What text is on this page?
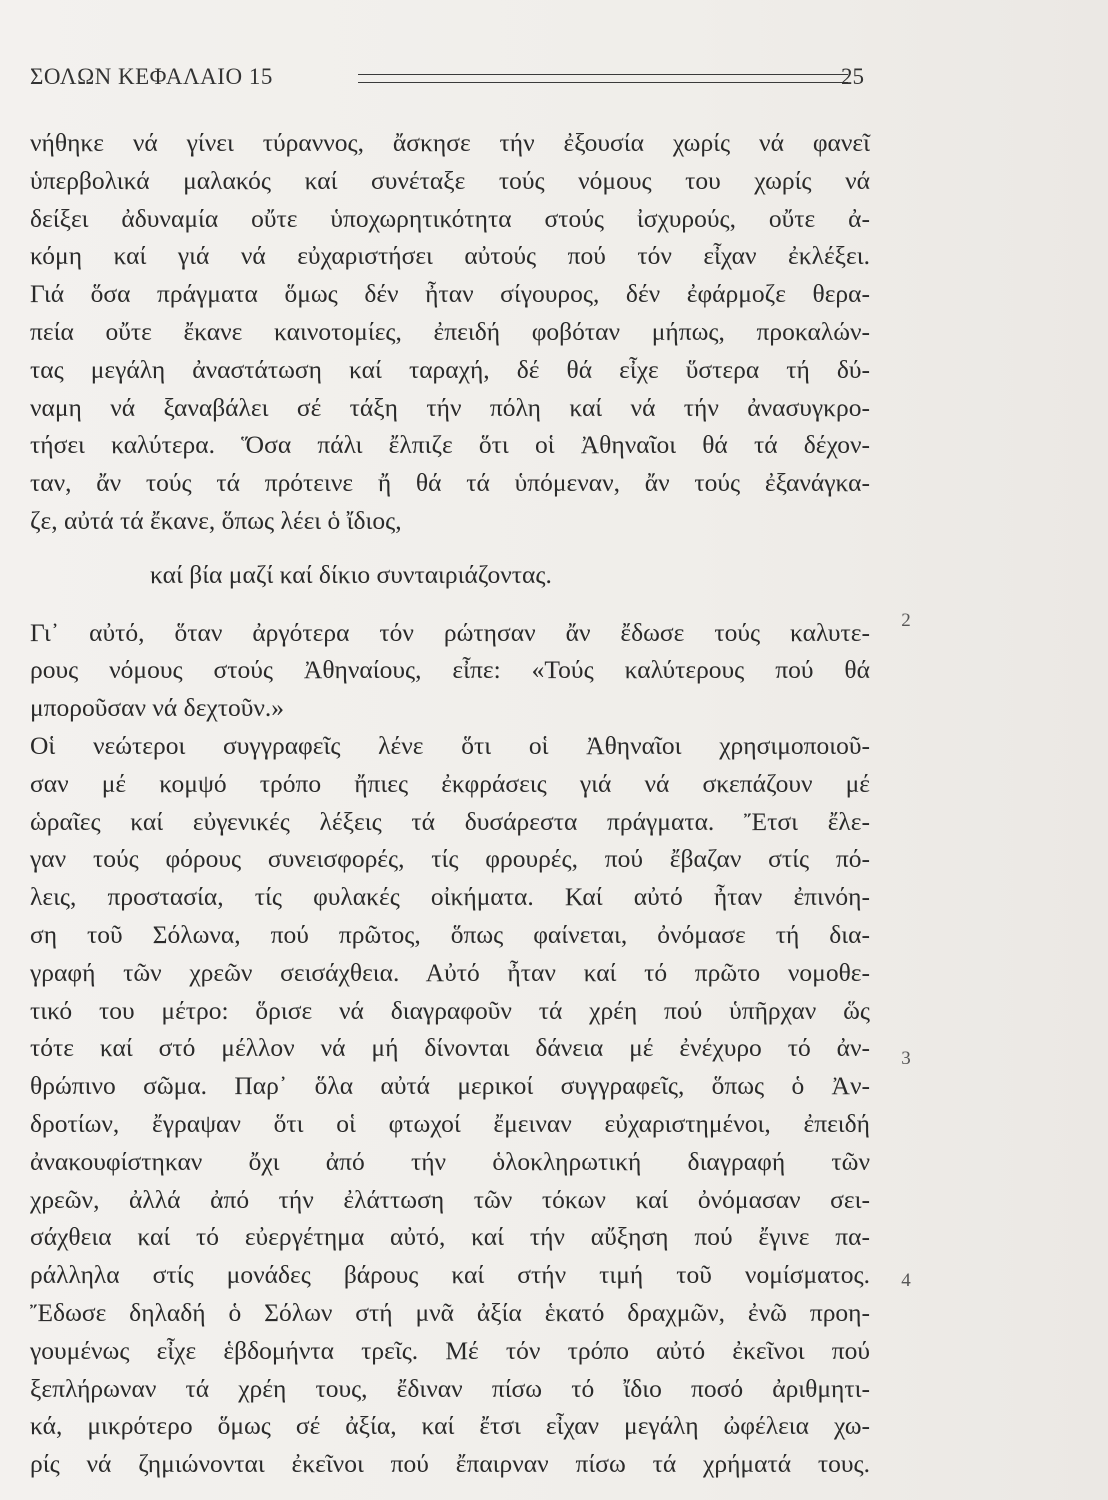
ΣΟΛΩΝ ΚΕΦΑΛΑΙΟ 15	25
νήθηκε νά γίνει τύραννος, ἄσκησε τήν ἐξουσία χωρίς νά φανεῖ
ὑπερβολικά μαλακός καί συνέταξε τούς νόμους του χωρίς νά
δείξει ἀδυναμία οὔτε ὑποχωρητικότητα στούς ἰσχυρούς, οὔτε ἀ-
κόμη καί γιά νά εὐχαριστήσει αὐτούς πού τόν εἶχαν ἐκλέξει.
Γιά ὅσα πράγματα ὅμως δέν ἦταν σίγουρος, δέν ἐφάρμοζε θερα-
πεία οὔτε ἔκανε καινοτομίες, ἐπειδή φοβόταν μήπως, προκαλών-
τας μεγάλη ἀναστάτωση καί ταραχή, δέ θά εἶχε ὕστερα τή δύ-
ναμη νά ξαναβάλει σέ τάξη τήν πόλη καί νά τήν ἀνασυγκρο-
τήσει καλύτερα. Ὅσα πάλι ἔλπιζε ὅτι οἱ Ἀθηναῖοι θά τά δέχον-
ταν, ἄν τούς τά πρότεινε ἤ θά τά ὑπόμεναν, ἄν τούς ἐξανάγκα-
ζε, αὐτά τά ἔκανε, ὅπως λέει ὁ ἴδιος,
καί βία μαζί καί δίκιο συνταιριάζοντας.
Γι᾽ αὐτό, ὅταν ἀργότερα τόν ρώτησαν ἄν ἔδωσε τούς καλυτε-
ρους νόμους στούς Ἀθηναίους, εἶπε: «Τούς καλύτερους πού θά
μποροῦσαν νά δεχτοῦν.»
Οἱ νεώτεροι συγγραφεῖς λένε ὅτι οἱ Ἀθηναῖοι χρησιμοποιοῦ-
σαν μέ κομψό τρόπο ἤπιες ἐκφράσεις γιά νά σκεπάζουν μέ
ὡραῖες καί εὐγενικές λέξεις τά δυσάρεστα πράγματα. Ἔτσι ἔλε-
γαν τούς φόρους συνεισφορές, τίς φρουρές, πού ἔβαζαν στίς πό-
λεις, προστασία, τίς φυλακές οἰκήματα. Καί αὐτό ἦταν ἐπινόη-
ση τοῦ Σόλωνα, πού πρῶτος, ὅπως φαίνεται, ὀνόμασε τή δια-
γραφή τῶν χρεῶν σεισάχθεια. Αὐτό ἦταν καί τό πρῶτο νομοθε-
τικό του μέτρο: ὅρισε νά διαγραφοῦν τά χρέη πού ὑπῆρχαν ὥς
τότε καί στό μέλλον νά μή δίνονται δάνεια μέ ἐνέχυρο τό ἀν-
θρώπινο σῶμα. Παρ᾽ ὅλα αὐτά μερικοί συγγραφεῖς, ὅπως ὁ Ἀν-
δροτίων, ἔγραψαν ὅτι οἱ φτωχοί ἔμειναν εὐχαριστημένοι, ἐπειδή
ἀνακουφίστηκαν ὄχι ἀπό τήν ὁλοκληρωτική διαγραφή τῶν
χρεῶν, ἀλλά ἀπό τήν ἐλάττωση τῶν τόκων καί ὀνόμασαν σει-
σάχθεια καί τό εὐεργέτημα αὐτό, καί τήν αὔξηση πού ἔγινε πα-
ράλληλα στίς μονάδες βάρους καί στήν τιμή τοῦ νομίσματος.
Ἔδωσε δηλαδή ὁ Σόλων στή μνᾶ ἀξία ἑκατό δραχμῶν, ἐνῶ προη-
γουμένως εἶχε ἑβδομήντα τρεῖς. Μέ τόν τρόπο αὐτό ἐκεῖνοι πού
ξεπλήρωναν τά χρέη τους, ἔδιναν πίσω τό ἴδιο ποσό ἀριθμητι-
κά, μικρότερο ὅμως σέ ἀξία, καί ἔτσι εἶχαν μεγάλη ὠφέλεια χω-
ρίς νά ζημιώνονται ἐκεῖνοι πού ἔπαιρναν πίσω τά χρήματά τους.
2
3
4
